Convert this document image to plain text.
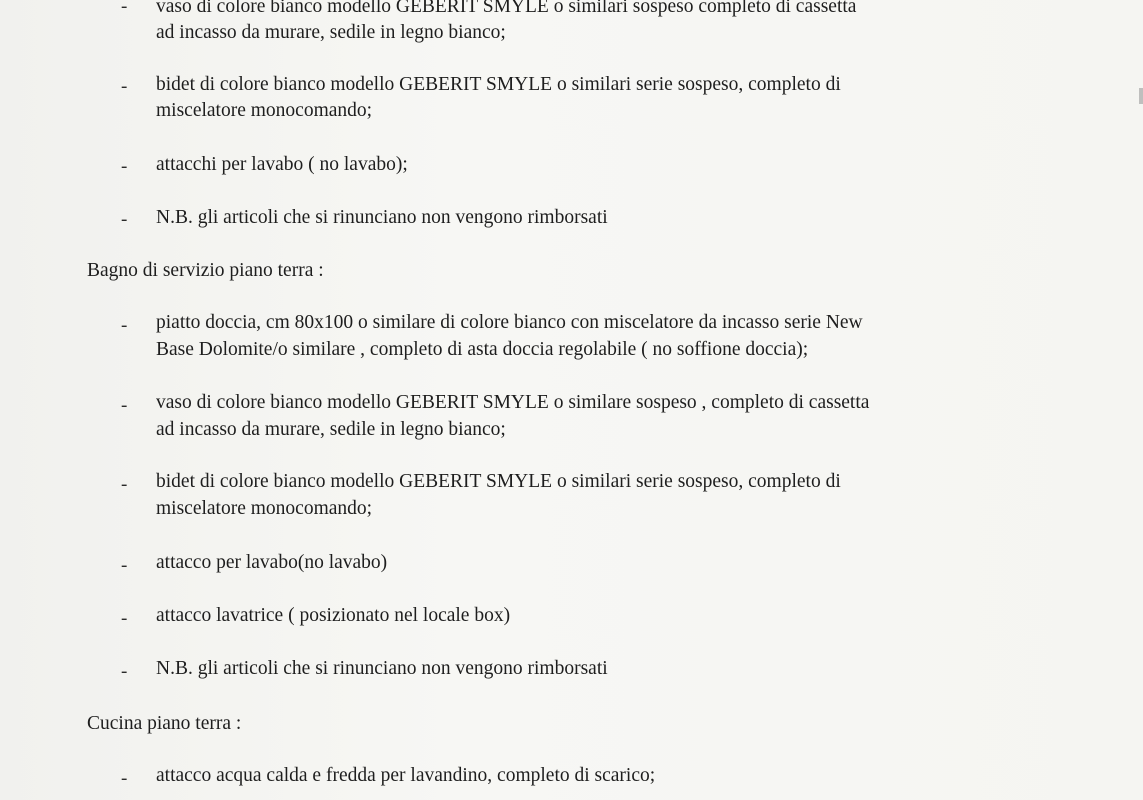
- vaso di colore bianco modello GEBERIT SMYLE o similari sospeso completo di cassetta
ad incasso da murare, sedile in legno bianco;
- bidet di colore bianco modello GEBERIT SMYLE o similari serie sospeso, completo di
miscelatore monocomando;
- attacchi per lavabo ( no lavabo);
- N.B. gli articoli che si rinunciano non vengono rimborsati
Bagno di servizio piano terra :
- piatto doccia, cm 80x100 o similare di colore bianco con miscelatore da incasso serie New
Base Dolomite/o similare , completo di asta doccia regolabile ( no soffione doccia);
- vaso di colore bianco modello GEBERIT SMYLE o similare sospeso , completo di cassetta
ad incasso da murare, sedile in legno bianco;
- bidet di colore bianco modello GEBERIT SMYLE o similari serie sospeso, completo di
miscelatore monocomando;
- attacco per lavabo(no lavabo)
- attacco lavatrice ( posizionato nel locale box)
- N.B. gli articoli che si rinunciano non vengono rimborsati
Cucina piano terra :
- attacco acqua calda e fredda per lavandino, completo di scarico;
